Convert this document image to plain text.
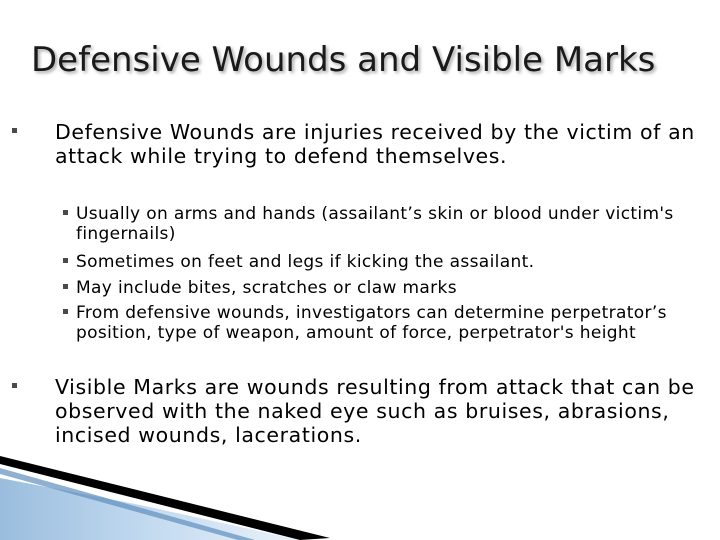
Defensive Wounds and Visible Marks

Defensive Wounds are injuries received by the victim of an attack while trying to defend themselves.

Usually on arms and hands (assailant’s skin or blood under victim's fingernails)

Sometimes on feet and legs if kicking the assailant.

May include bites, scratches or claw marks

From defensive wounds, investigators can determine perpetrator’s position, type of weapon, amount of force, perpetrator's height

Visible Marks are wounds resulting from attack that can be observed with the naked eye such as bruises, abrasions, incised wounds, lacerations.
